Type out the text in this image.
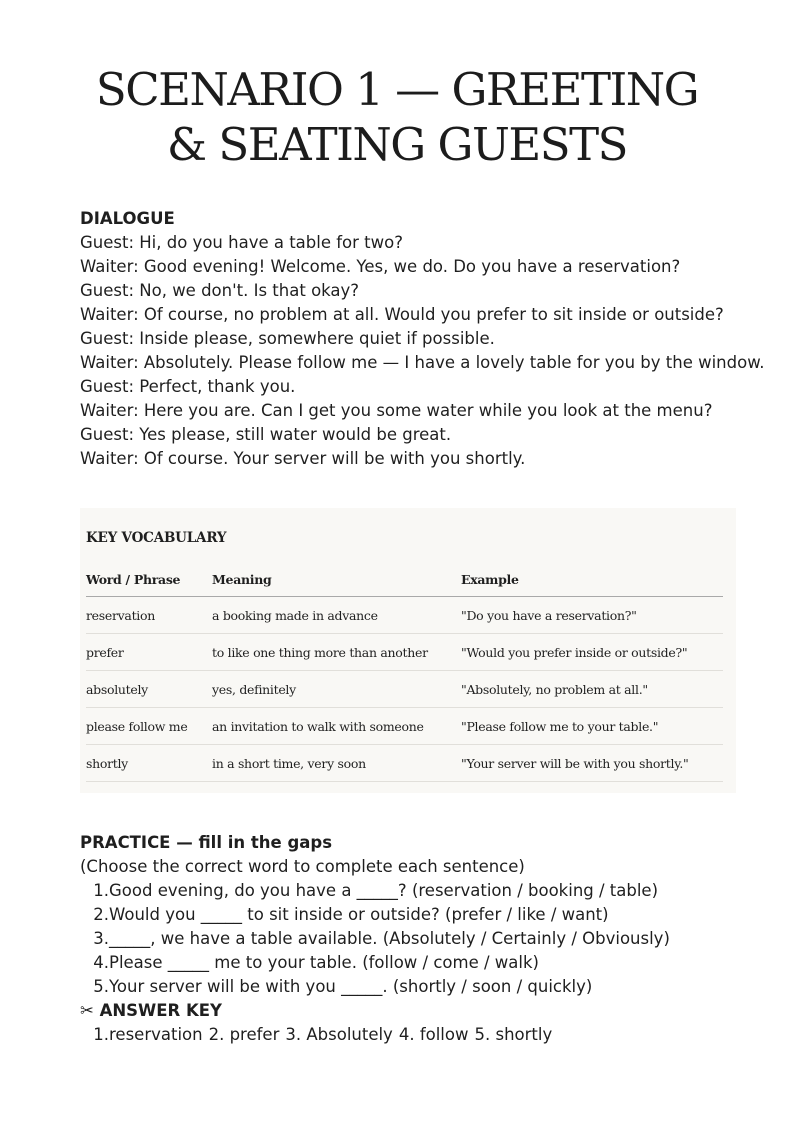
SCENARIO 1 — GREETING
& SEATING GUESTS
DIALOGUE
Guest: Hi, do you have a table for two?
Waiter: Good evening! Welcome. Yes, we do. Do you have a reservation?
Guest: No, we don't. Is that okay?
Waiter: Of course, no problem at all. Would you prefer to sit inside or outside?
Guest: Inside please, somewhere quiet if possible.
Waiter: Absolutely. Please follow me — I have a lovely table for you by the window.
Guest: Perfect, thank you.
Waiter: Here you are. Can I get you some water while you look at the menu?
Guest: Yes please, still water would be great.
Waiter: Of course. Your server will be with you shortly.
KEY VOCABULARY
Word / Phrase	Meaning	Example
reservation	a booking made in advance	"Do you have a reservation?"
prefer	to like one thing more than another	"Would you prefer inside or outside?"
absolutely	yes, definitely	"Absolutely, no problem at all."
please follow me	an invitation to walk with someone	"Please follow me to your table."
shortly	in a short time, very soon	"Your server will be with you shortly."
PRACTICE — fill in the gaps
(Choose the correct word to complete each sentence)
1.Good evening, do you have a _____? (reservation / booking / table)
2.Would you _____ to sit inside or outside? (prefer / like / want)
3._____, we have a table available. (Absolutely / Certainly / Obviously)
4.Please _____ me to your table. (follow / come / walk)
5.Your server will be with you _____. (shortly / soon / quickly)
✂ ANSWER KEY
1.reservation 2. prefer 3. Absolutely 4. follow 5. shortly
